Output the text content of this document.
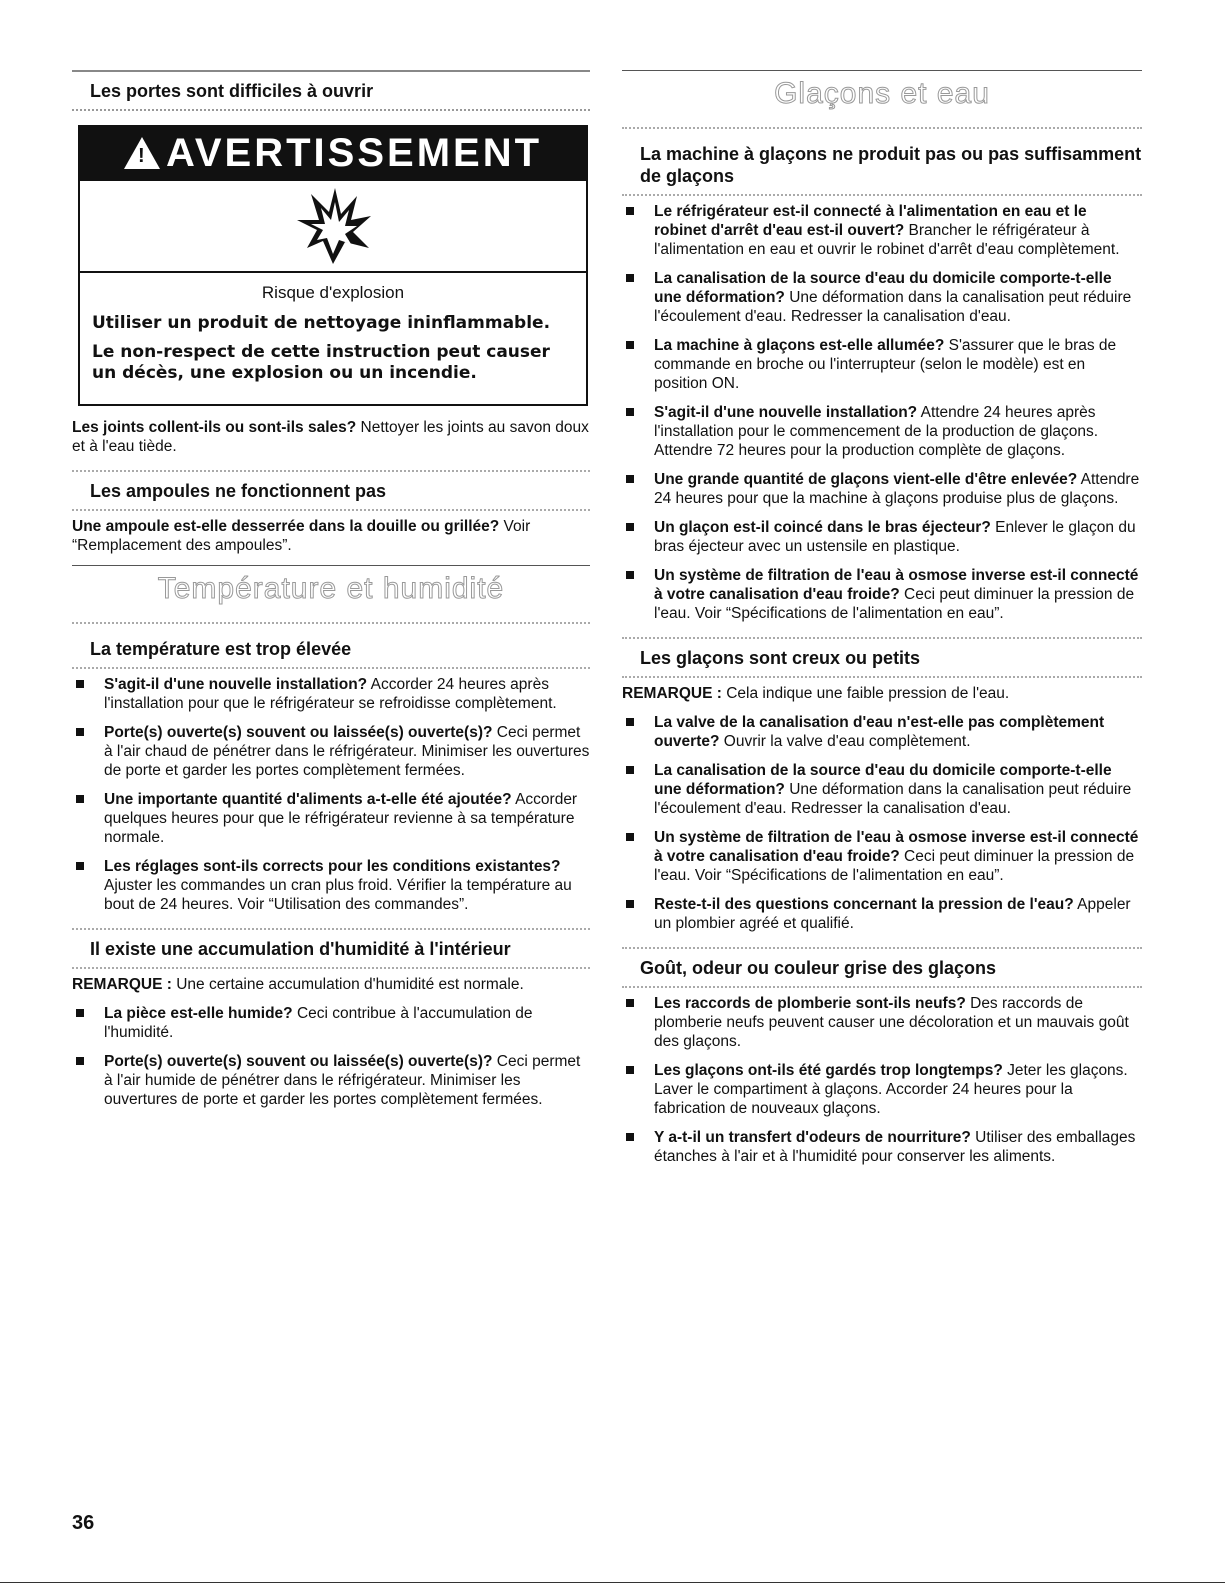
Les portes sont difficiles à ouvrir
! AVERTISSEMENT
Risque d'explosion
Utiliser un produit de nettoyage ininflammable.
Le non-respect de cette instruction peut causer un décès, une explosion ou un incendie.

Les joints collent-ils ou sont-ils sales? Nettoyer les joints au savon doux et à l'eau tiède.

Les ampoules ne fonctionnent pas

Une ampoule est-elle desserrée dans la douille ou grillée? Voir “Remplacement des ampoules”.

Température et humidité
La température est trop élevée
S'agit-il d'une nouvelle installation? Accorder 24 heures après l'installation pour que le réfrigérateur se refroidisse complètement.
Porte(s) ouverte(s) souvent ou laissée(s) ouverte(s)? Ceci permet à l'air chaud de pénétrer dans le réfrigérateur. Minimiser les ouvertures de porte et garder les portes complètement fermées.
Une importante quantité d'aliments a-t-elle été ajoutée? Accorder quelques heures pour que le réfrigérateur revienne à sa température normale.
Les réglages sont-ils corrects pour les conditions existantes? Ajuster les commandes un cran plus froid. Vérifier la température au bout de 24 heures. Voir “Utilisation des commandes”.
Il existe une accumulation d'humidité à l'intérieur

REMARQUE : Une certaine accumulation d'humidité est normale.

La pièce est-elle humide? Ceci contribue à l'accumulation de l'humidité.
Porte(s) ouverte(s) souvent ou laissée(s) ouverte(s)? Ceci permet à l'air humide de pénétrer dans le réfrigérateur. Minimiser les ouvertures de porte et garder les portes complètement fermées.
Glaçons et eau
La machine à glaçons ne produit pas ou pas suffisamment de glaçons
Le réfrigérateur est-il connecté à l'alimentation en eau et le robinet d'arrêt d'eau est-il ouvert? Brancher le réfrigérateur à l'alimentation en eau et ouvrir le robinet d'arrêt d'eau complètement.
La canalisation de la source d'eau du domicile comporte-t-elle une déformation? Une déformation dans la canalisation peut réduire l'écoulement d'eau. Redresser la canalisation d'eau.
La machine à glaçons est-elle allumée? S'assurer que le bras de commande en broche ou l'interrupteur (selon le modèle) est en position ON.
S'agit-il d'une nouvelle installation? Attendre 24 heures après l'installation pour le commencement de la production de glaçons. Attendre 72 heures pour la production complète de glaçons.
Une grande quantité de glaçons vient-elle d'être enlevée? Attendre 24 heures pour que la machine à glaçons produise plus de glaçons.
Un glaçon est-il coincé dans le bras éjecteur? Enlever le glaçon du bras éjecteur avec un ustensile en plastique.
Un système de filtration de l'eau à osmose inverse est-il connecté à votre canalisation d'eau froide? Ceci peut diminuer la pression de l'eau. Voir “Spécifications de l'alimentation en eau”.
Les glaçons sont creux ou petits

REMARQUE : Cela indique une faible pression de l'eau.

La valve de la canalisation d'eau n'est-elle pas complètement ouverte? Ouvrir la valve d'eau complètement.
La canalisation de la source d'eau du domicile comporte-t-elle une déformation? Une déformation dans la canalisation peut réduire l'écoulement d'eau. Redresser la canalisation d'eau.
Un système de filtration de l'eau à osmose inverse est-il connecté à votre canalisation d'eau froide? Ceci peut diminuer la pression de l'eau. Voir “Spécifications de l'alimentation en eau”.
Reste-t-il des questions concernant la pression de l'eau? Appeler un plombier agréé et qualifié.
Goût, odeur ou couleur grise des glaçons
Les raccords de plomberie sont-ils neufs? Des raccords de plomberie neufs peuvent causer une décoloration et un mauvais goût des glaçons.
Les glaçons ont-ils été gardés trop longtemps? Jeter les glaçons. Laver le compartiment à glaçons. Accorder 24 heures pour la fabrication de nouveaux glaçons.
Y a-t-il un transfert d'odeurs de nourriture? Utiliser des emballages étanches à l'air et à l'humidité pour conserver les aliments.
36
